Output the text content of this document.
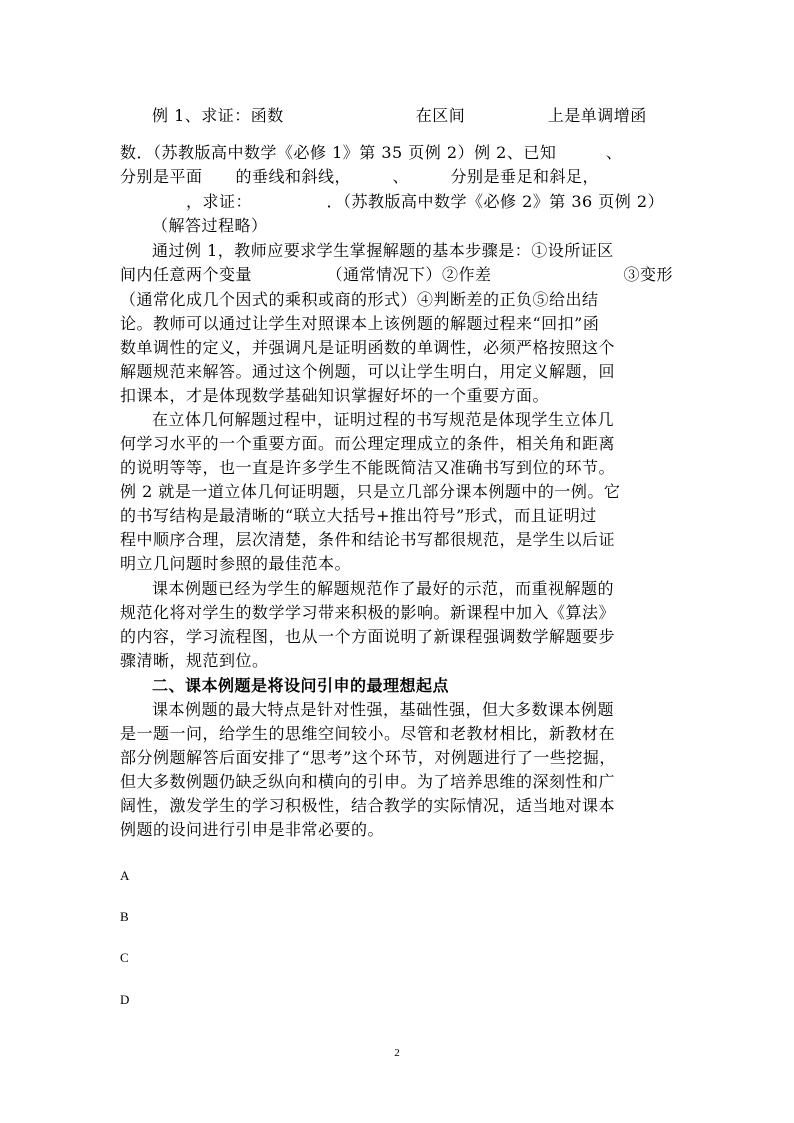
例 1、求证：函数　　　　　　　　在区间　　　　　上是单调增函
数．（苏教版高中数学《必修 1》第 35 页例 2）例 2、已知　　　、　　　
分别是平面　　的垂线和斜线，　　　、　　　分别是垂足和斜足，　　　　
　　　　，求证：　　　　　．（苏教版高中数学《必修 2》第 36 页例 2）
（解答过程略）
通过例 1，教师应要求学生掌握解题的基本步骤是：①设所证区
间内任意两个变量　　　　　（通常情况下）②作差　　　　　　　　③变形
（通常化成几个因式的乘积或商的形式）④判断差的正负⑤给出结
论。教师可以通过让学生对照课本上该例题的解题过程来“回扣”函
数单调性的定义，并强调凡是证明函数的单调性，必须严格按照这个
解题规范来解答。通过这个例题，可以让学生明白，用定义解题，回
扣课本，才是体现数学基础知识掌握好坏的一个重要方面。
在立体几何解题过程中，证明过程的书写规范是体现学生立体几
何学习水平的一个重要方面。而公理定理成立的条件，相关角和距离
的说明等等，也一直是许多学生不能既简洁又准确书写到位的环节。
例 2 就是一道立体几何证明题，只是立几部分课本例题中的一例。它
的书写结构是最清晰的“联立大括号+推出符号”形式，而且证明过
程中顺序合理，层次清楚，条件和结论书写都很规范，是学生以后证
明立几问题时参照的最佳范本。
课本例题已经为学生的解题规范作了最好的示范，而重视解题的
规范化将对学生的数学学习带来积极的影响。新课程中加入《算法》
的内容，学习流程图，也从一个方面说明了新课程强调数学解题要步
骤清晰，规范到位。
二、课本例题是将设问引申的最理想起点
课本例题的最大特点是针对性强，基础性强，但大多数课本例题
是一题一问，给学生的思维空间较小。尽管和老教材相比，新教材在
部分例题解答后面安排了“思考”这个环节，对例题进行了一些挖掘，
但大多数例题仍缺乏纵向和横向的引申。为了培养思维的深刻性和广
阔性，激发学生的学习积极性，结合教学的实际情况，适当地对课本
例题的设问进行引申是非常必要的。
A
B
C
D
2
